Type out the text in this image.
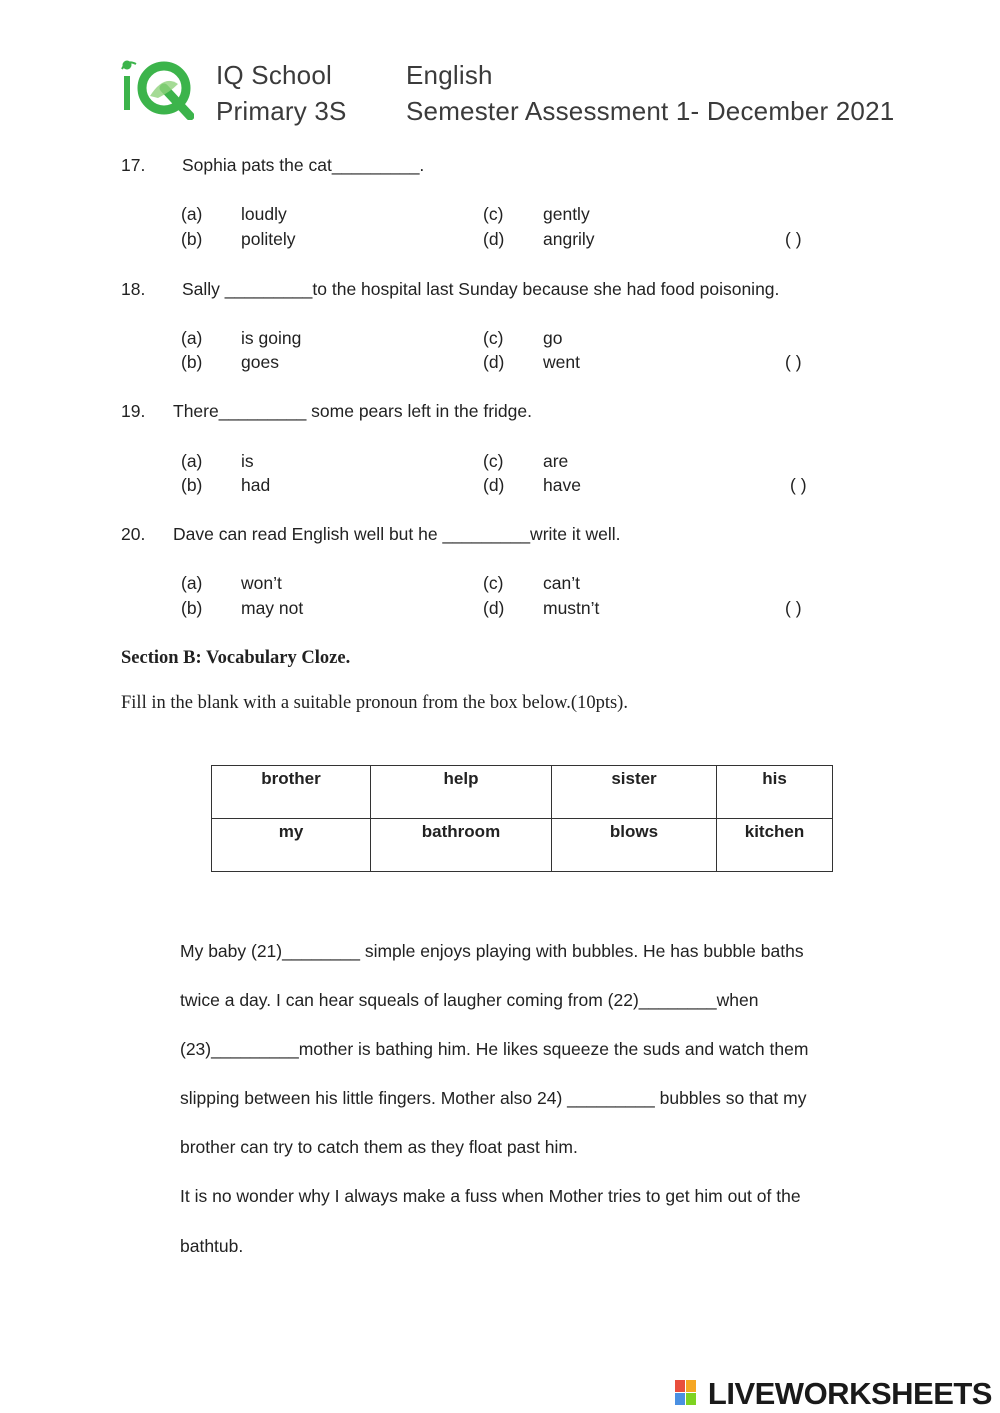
IQ School
Primary 3S
English
Semester Assessment 1- December 2021
17. Sophia pats the cat_________.
(a) loudly	(c) gently
(b) politely	(d) angrily	( )
18. Sally _________to the hospital last Sunday because she had food poisoning.
(a) is going	(c) go
(b) goes	(d) went	( )
19. There_________ some pears left in the fridge.
(a) is	(c) are
(b) had	(d) have	( )
20. Dave can read English well but he _________write it well.
(a) won’t	(c) can’t
(b) may not	(d) mustn’t	( )
Section B: Vocabulary Cloze.
Fill in the blank with a suitable pronoun from the box below.(10pts).
brother	help	sister	his
my	bathroom	blows	kitchen
My baby (21)________ simple enjoys playing with bubbles. He has bubble baths
twice a day. I can hear squeals of laugher coming from (22)________when
(23)_________mother is bathing him. He likes squeeze the suds and watch them
slipping between his little fingers. Mother also 24) _________ bubbles so that my
brother can try to catch them as they float past him.
It is no wonder why I always make a fuss when Mother tries to get him out of the
bathtub.
LIVEWORKSHEETS
